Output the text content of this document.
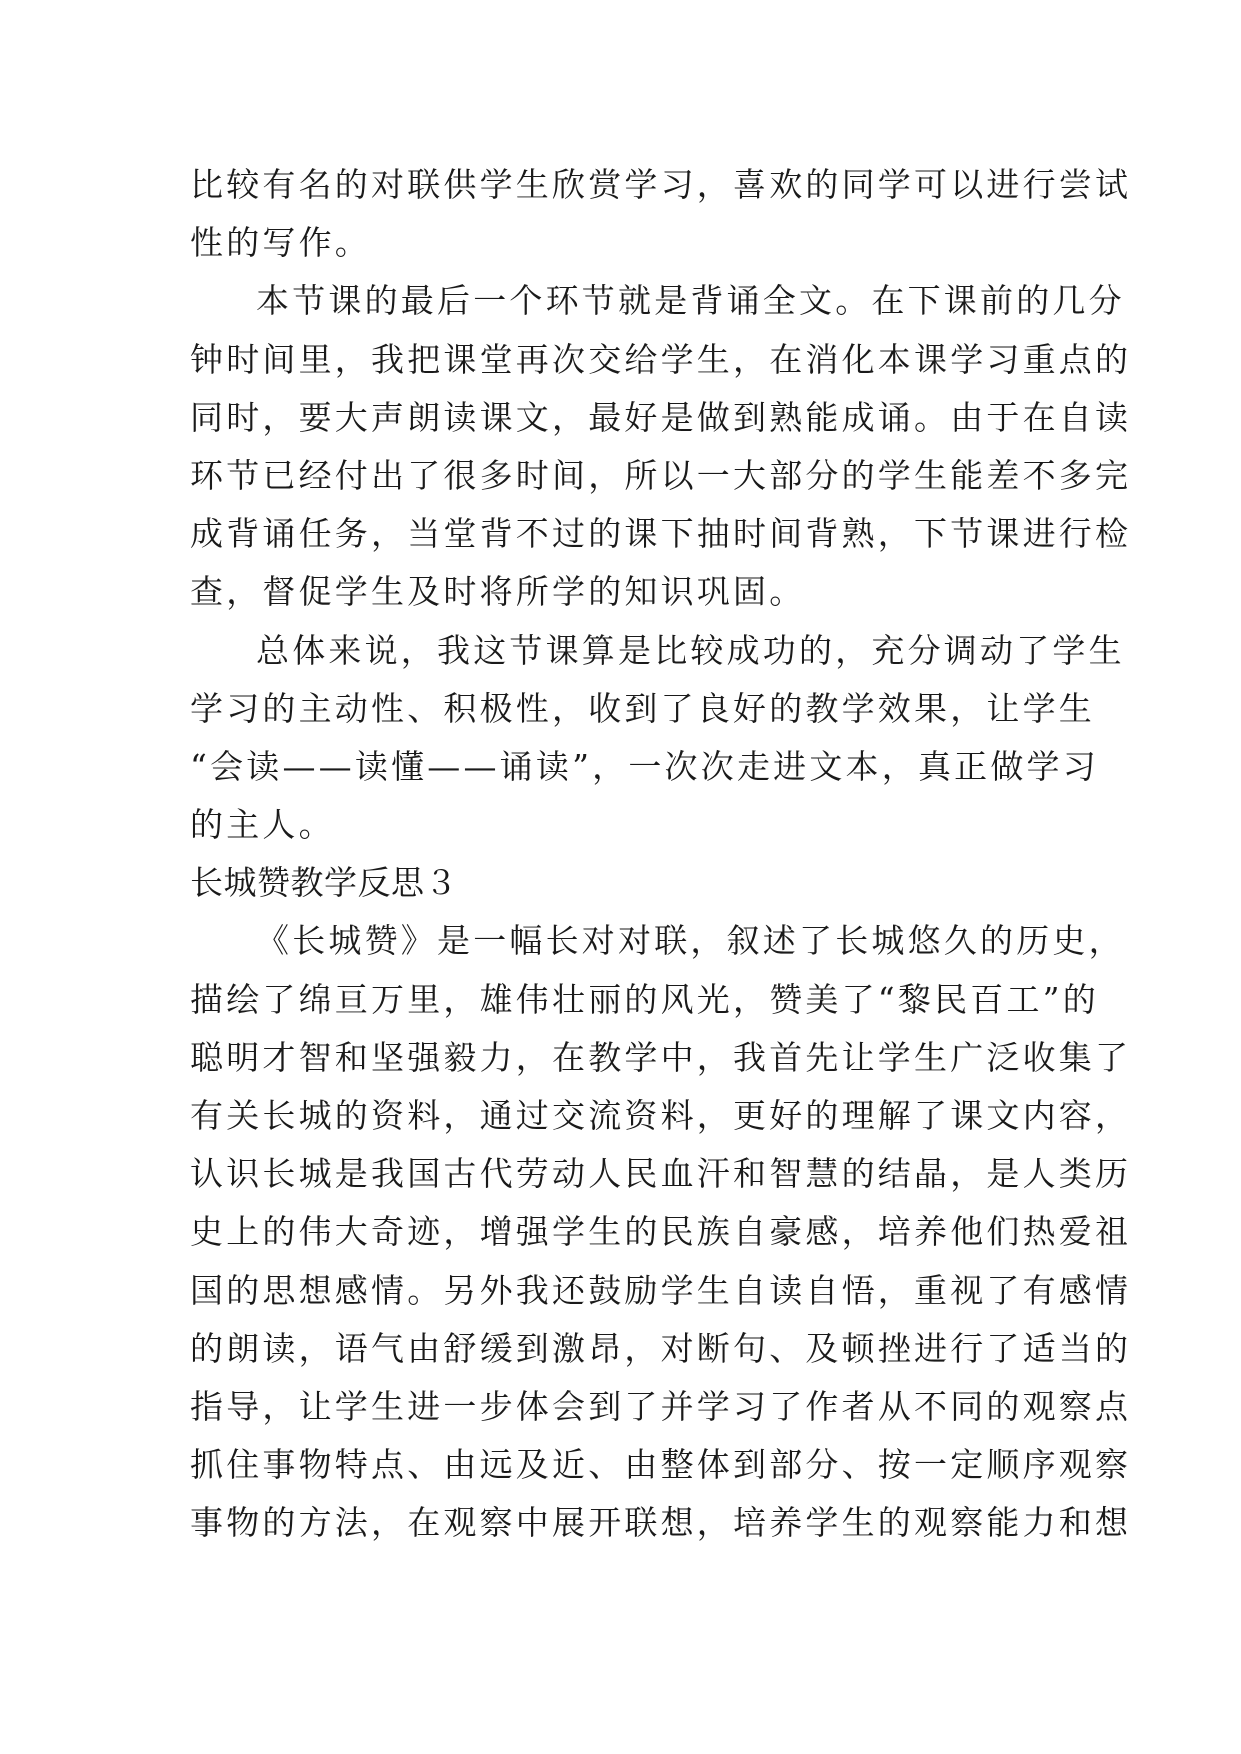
比较有名的对联供学生欣赏学习，喜欢的同学可以进行尝试
性的写作。
本节课的最后一个环节就是背诵全文。在下课前的几分
钟时间里，我把课堂再次交给学生，在消化本课学习重点的
同时，要大声朗读课文，最好是做到熟能成诵。由于在自读
环节已经付出了很多时间，所以一大部分的学生能差不多完
成背诵任务，当堂背不过的课下抽时间背熟，下节课进行检
查，督促学生及时将所学的知识巩固。
总体来说，我这节课算是比较成功的，充分调动了学生
学习的主动性、积极性，收到了良好的教学效果，让学生
“会读——读懂——诵读”，一次次走进文本，真正做学习
的主人。
长城赞教学反思３
《长城赞》是一幅长对对联，叙述了长城悠久的历史，
描绘了绵亘万里，雄伟壮丽的风光，赞美了“黎民百工”的
聪明才智和坚强毅力，在教学中，我首先让学生广泛收集了
有关长城的资料，通过交流资料，更好的理解了课文内容，
认识长城是我国古代劳动人民血汗和智慧的结晶，是人类历
史上的伟大奇迹，增强学生的民族自豪感，培养他们热爱祖
国的思想感情。另外我还鼓励学生自读自悟，重视了有感情
的朗读，语气由舒缓到激昂，对断句、及顿挫进行了适当的
指导，让学生进一步体会到了并学习了作者从不同的观察点
抓住事物特点、由远及近、由整体到部分、按一定顺序观察
事物的方法，在观察中展开联想，培养学生的观察能力和想
